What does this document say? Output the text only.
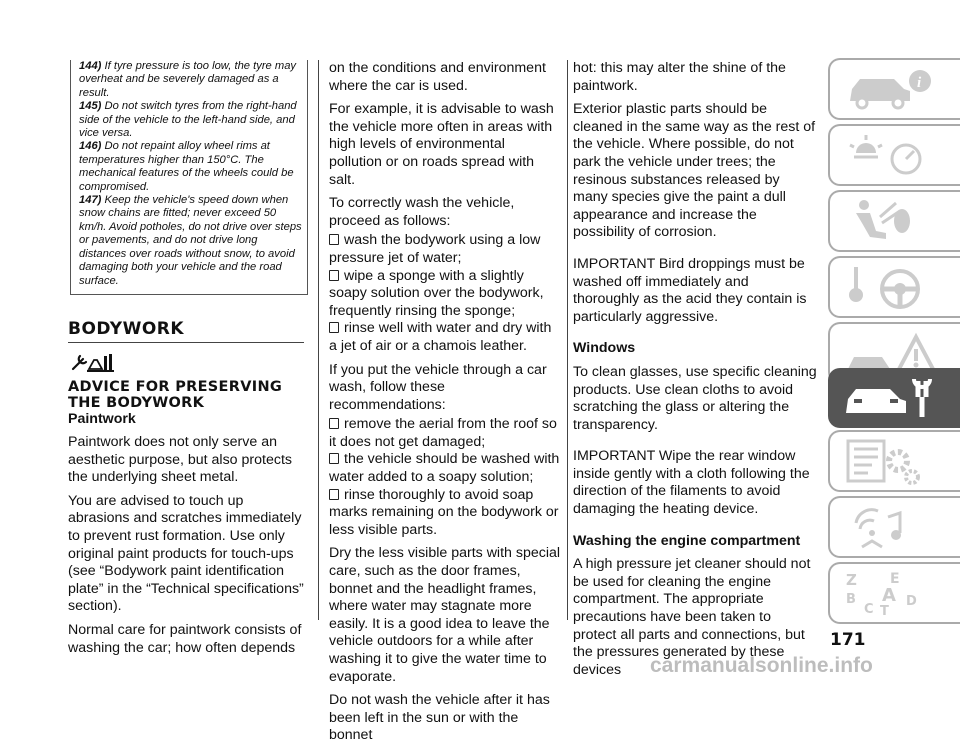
144) If tyre pressure is too low, the tyre may overheat and be severely damaged as a result.

145) Do not switch tyres from the right-hand side of the vehicle to the left-hand side, and vice versa.

146) Do not repaint alloy wheel rims at temperatures higher than 150°C. The mechanical features of the wheels could be compromised.

147) Keep the vehicle's speed down when snow chains are fitted; never exceed 50 km/h. Avoid potholes, do not drive over steps or pavements, and do not drive long distances over roads without snow, to avoid damaging both your vehicle and the road surface.

BODYWORK
ADVICE FOR PRESERVING THE BODYWORK

Paintwork

Paintwork does not only serve an aesthetic purpose, but also protects the underlying sheet metal.

You are advised to touch up abrasions and scratches immediately to prevent rust formation. Use only original paint products for touch-ups (see “Bodywork paint identification plate” in the “Technical specifications” section).

Normal care for paintwork consists of washing the car; how often depends

on the conditions and environment where the car is used.

For example, it is advisable to wash the vehicle more often in areas with high levels of environmental pollution or on roads spread with salt.

To correctly wash the vehicle, proceed as follows:

wash the bodywork using a low pressure jet of water;

wipe a sponge with a slightly soapy solution over the bodywork, frequently rinsing the sponge;

rinse well with water and dry with a jet of air or a chamois leather.

If you put the vehicle through a car wash, follow these recommendations:

remove the aerial from the roof so it does not get damaged;

the vehicle should be washed with water added to a soapy solution;

rinse thoroughly to avoid soap marks remaining on the bodywork or less visible parts.

Dry the less visible parts with special care, such as the door frames, bonnet and the headlight frames, where water may stagnate more easily. It is a good idea to leave the vehicle outdoors for a while after washing it to give the water time to evaporate.

Do not wash the vehicle after it has been left in the sun or with the bonnet

hot: this may alter the shine of the paintwork.

Exterior plastic parts should be cleaned in the same way as the rest of the vehicle. Where possible, do not park the vehicle under trees; the resinous substances released by many species give the paint a dull appearance and increase the possibility of corrosion.

IMPORTANT Bird droppings must be washed off immediately and thoroughly as the acid they contain is particularly aggressive.

Windows

To clean glasses, use specific cleaning products. Use clean cloths to avoid scratching the glass or altering the transparency.

IMPORTANT Wipe the rear window inside gently with a cloth following the direction of the filaments to avoid damaging the heating device.

Washing the engine compartment

A high pressure jet cleaner should not be used for cleaning the engine compartment. The appropriate precautions have been taken to protect all parts and connections, but the pressures generated by these devices

i
Z E
B A D
C T
171
carmanualsonline.info
